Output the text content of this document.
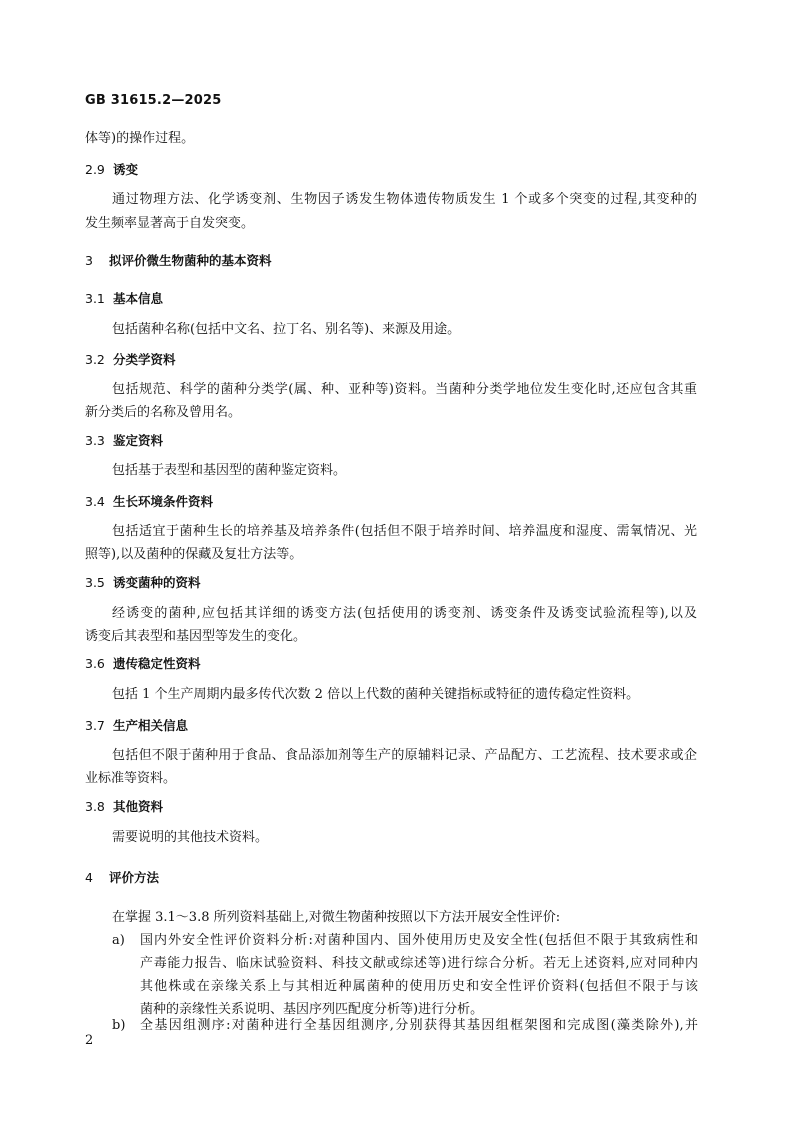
GB 31615.2—2025
体等)的操作过程。
2.9 诱变
通过物理方法、化学诱变剂、生物因子诱发生物体遗传物质发生 1 个或多个突变的过程,其变种的
发生频率显著高于自发突变。
3 拟评价微生物菌种的基本资料
3.1 基本信息
包括菌种名称(包括中文名、拉丁名、别名等)、来源及用途。
3.2 分类学资料
包括规范、科学的菌种分类学(属、种、亚种等)资料。当菌种分类学地位发生变化时,还应包含其重
新分类后的名称及曾用名。
3.3 鉴定资料
包括基于表型和基因型的菌种鉴定资料。
3.4 生长环境条件资料
包括适宜于菌种生长的培养基及培养条件(包括但不限于培养时间、培养温度和湿度、需氧情况、光
照等),以及菌种的保藏及复壮方法等。
3.5 诱变菌种的资料
经诱变的菌种,应包括其详细的诱变方法(包括使用的诱变剂、诱变条件及诱变试验流程等),以及
诱变后其表型和基因型等发生的变化。
3.6 遗传稳定性资料
包括 1 个生产周期内最多传代次数 2 倍以上代数的菌种关键指标或特征的遗传稳定性资料。
3.7 生产相关信息
包括但不限于菌种用于食品、食品添加剂等生产的原辅料记录、产品配方、工艺流程、技术要求或企
业标准等资料。
3.8 其他资料
需要说明的其他技术资料。
4 评价方法
在掌握 3.1～3.8 所列资料基础上,对微生物菌种按照以下方法开展安全性评价:
a) 国内外安全性评价资料分析:对菌种国内、国外使用历史及安全性(包括但不限于其致病性和
产毒能力报告、临床试验资料、科技文献或综述等)进行综合分析。若无上述资料,应对同种内
其他株或在亲缘关系上与其相近种属菌种的使用历史和安全性评价资料(包括但不限于与该
菌种的亲缘性关系说明、基因序列匹配度分析等)进行分析。
b) 全基因组测序:对菌种进行全基因组测序,分别获得其基因组框架图和完成图(藻类除外),并
2
